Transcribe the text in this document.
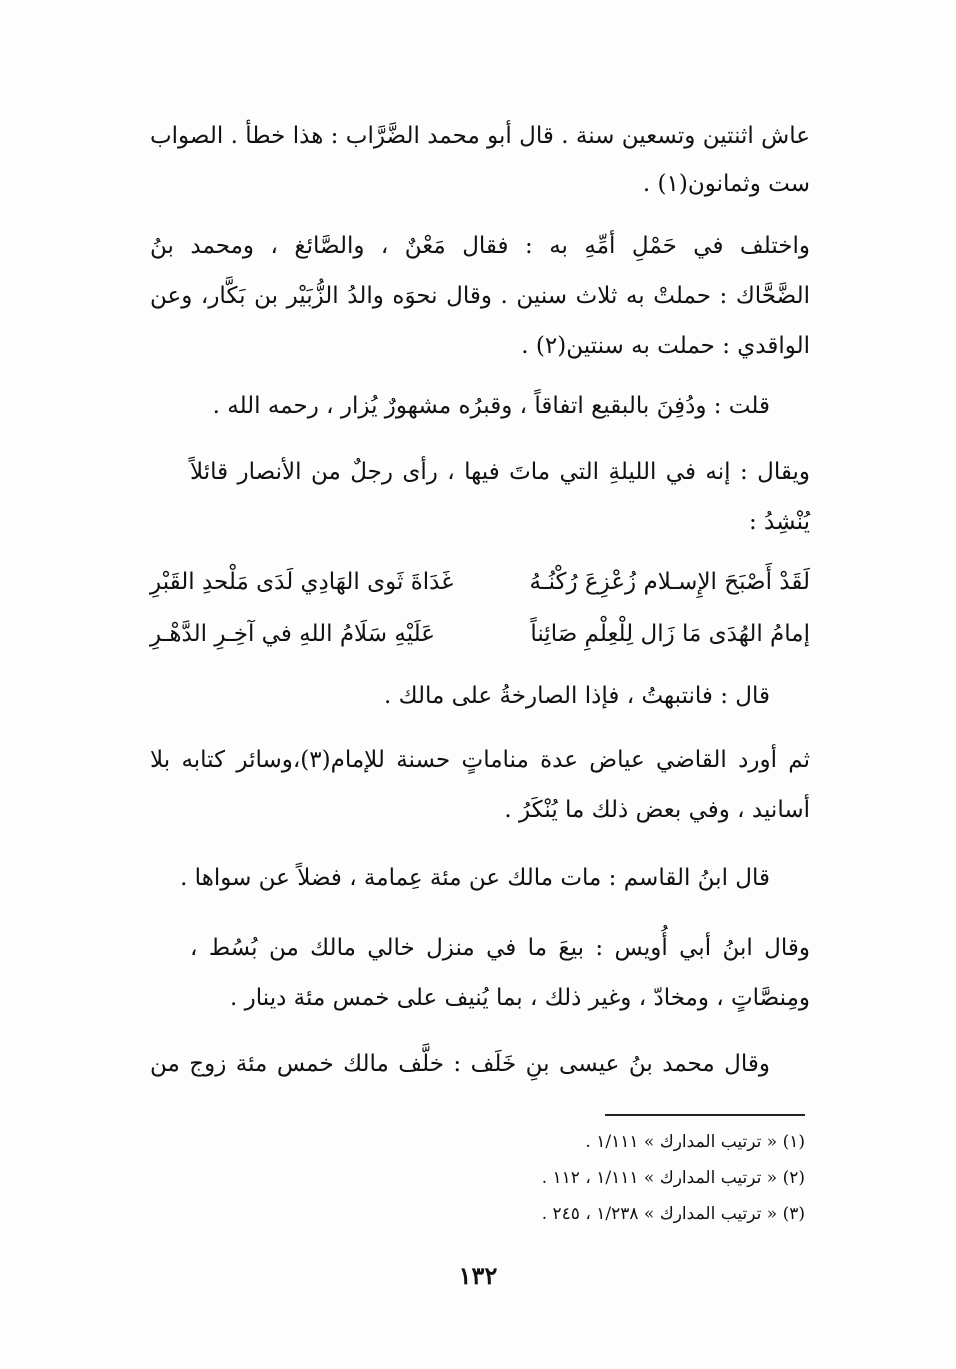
عاش اثنتين وتسعين سنة . قال أبو محمد الضَّرَّاب : هذا خطأ . الصواب
ست وثمانون(١) .
واختلف في حَمْلِ أمِّهِ به : فقال مَعْنٌ ، والصَّائغ ، ومحمد بنُ
الضَّحَّاك : حملتْ به ثلاث سنين . وقال نحوَه والدُ الزُّبَيْر بن بَكَّار، وعن
الواقدي : حملت به سنتين(٢) .
قلت : ودُفِنَ بالبقيع اتفاقاً ، وقبرُه مشهورٌ يُزار ، رحمه الله .
ويقال : إنه في الليلةِ التي ماتَ فيها ، رأى رجلٌ من الأنصار قائلاً
يُنْشِدُ :
لَقَدْ أَصْبَحَ الإِسـلام زُعْزِعَ رُكْنُـهُ
غَدَاةَ ثَوى الهَادِي لَدَى مَلْحدِ القَبْرِ
إمامُ الهُدَى مَا زَال لِلْعِلْمِ صَائِناً
عَلَيْهِ سَلَامُ اللهِ في آخِـرِ الدَّهْـرِ
قال : فانتبهتُ ، فإذا الصارخةُ على مالك .
ثم أورد القاضي عياض عدة مناماتٍ حسنة للإمام(٣)،وسائر كتابه بلا
أسانيد ، وفي بعض ذلك ما يُنْكَرُ .
قال ابنُ القاسم : مات مالك عن مئة عِمامة ، فضلاً عن سواها .
وقال ابنُ أبي أُويس : بيعَ ما في منزل خالي مالك من بُسُط ،
ومِنصَّاتٍ ، ومخادّ ، وغير ذلك ، بما يُنيف على خمس مئة دينار .
وقال محمد بنُ عيسى بنِ خَلَف : خلَّف مالك خمس مئة زوج من
(١) « ترتيب المدارك » ١/١١١ .
(٢) « ترتيب المدارك » ١/١١١ ، ١١٢ .
(٣) « ترتيب المدارك » ١/٢٣٨ ، ٢٤٥ .
١٣٢
